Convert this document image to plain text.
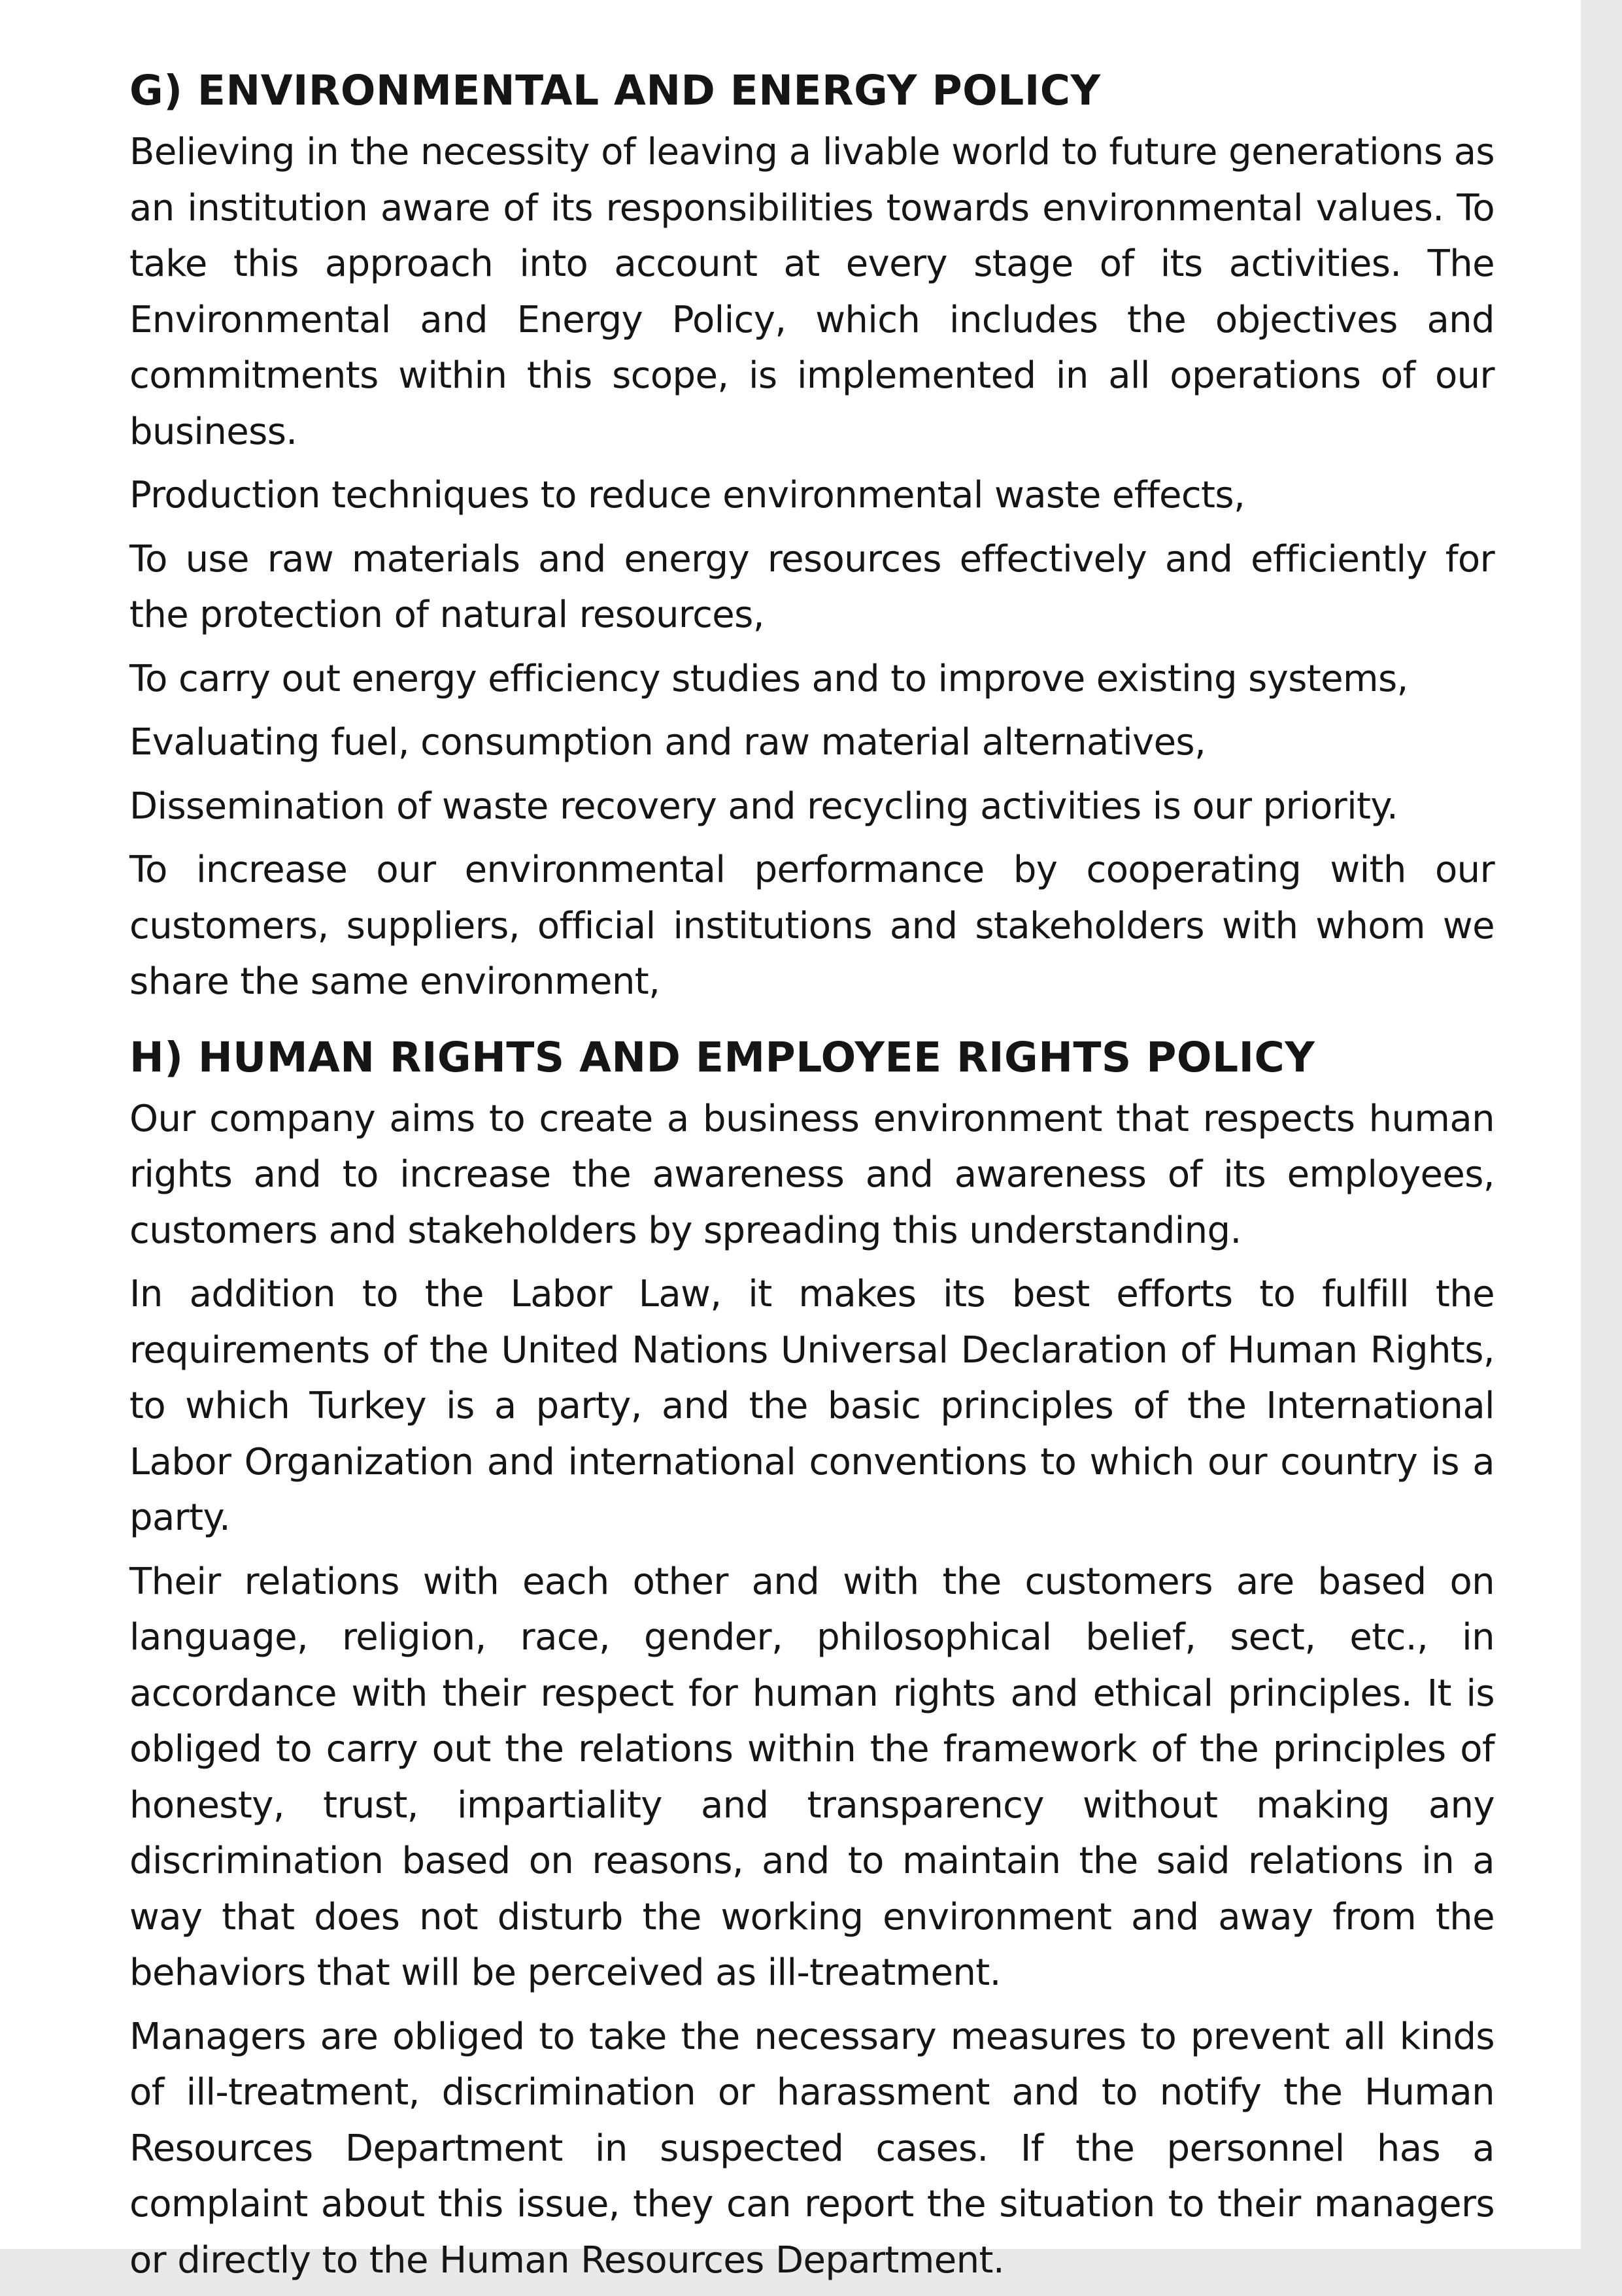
G) ENVIRONMENTAL AND ENERGY POLICY

Believing in the necessity of leaving a livable world to future generations as an institution aware of its responsibilities towards environmental values. To take this approach into account at every stage of its activities. The Environmental and Energy Policy, which includes the objectives and commitments within this scope, is implemented in all operations of our business.

Production techniques to reduce environmental waste effects,

To use raw materials and energy resources effectively and efficiently for the protection of natural resources,

To carry out energy efficiency studies and to improve existing systems,

Evaluating fuel, consumption and raw material alternatives,

Dissemination of waste recovery and recycling activities is our priority.

To increase our environmental performance by cooperating with our customers, suppliers, official institutions and stakeholders with whom we share the same environment,

H) HUMAN RIGHTS AND EMPLOYEE RIGHTS POLICY

Our company aims to create a business environment that respects human rights and to increase the awareness and awareness of its employees, customers and stakeholders by spreading this understanding.

In addition to the Labor Law, it makes its best efforts to fulfill the requirements of the United Nations Universal Declaration of Human Rights, to which Turkey is a party, and the basic principles of the International Labor Organization and international conventions to which our country is a party.

Their relations with each other and with the customers are based on language, religion, race, gender, philosophical belief, sect, etc., in accordance with their respect for human rights and ethical principles. It is obliged to carry out the relations within the framework of the principles of honesty, trust, impartiality and transparency without making any discrimination based on reasons, and to maintain the said relations in a way that does not disturb the working environment and away from the behaviors that will be perceived as ill-treatment.

Managers are obliged to take the necessary measures to prevent all kinds of ill-treatment, discrimination or harassment and to notify the Human Resources Department in suspected cases. If the personnel has a complaint about this issue, they can report the situation to their managers or directly to the Human Resources Department.
